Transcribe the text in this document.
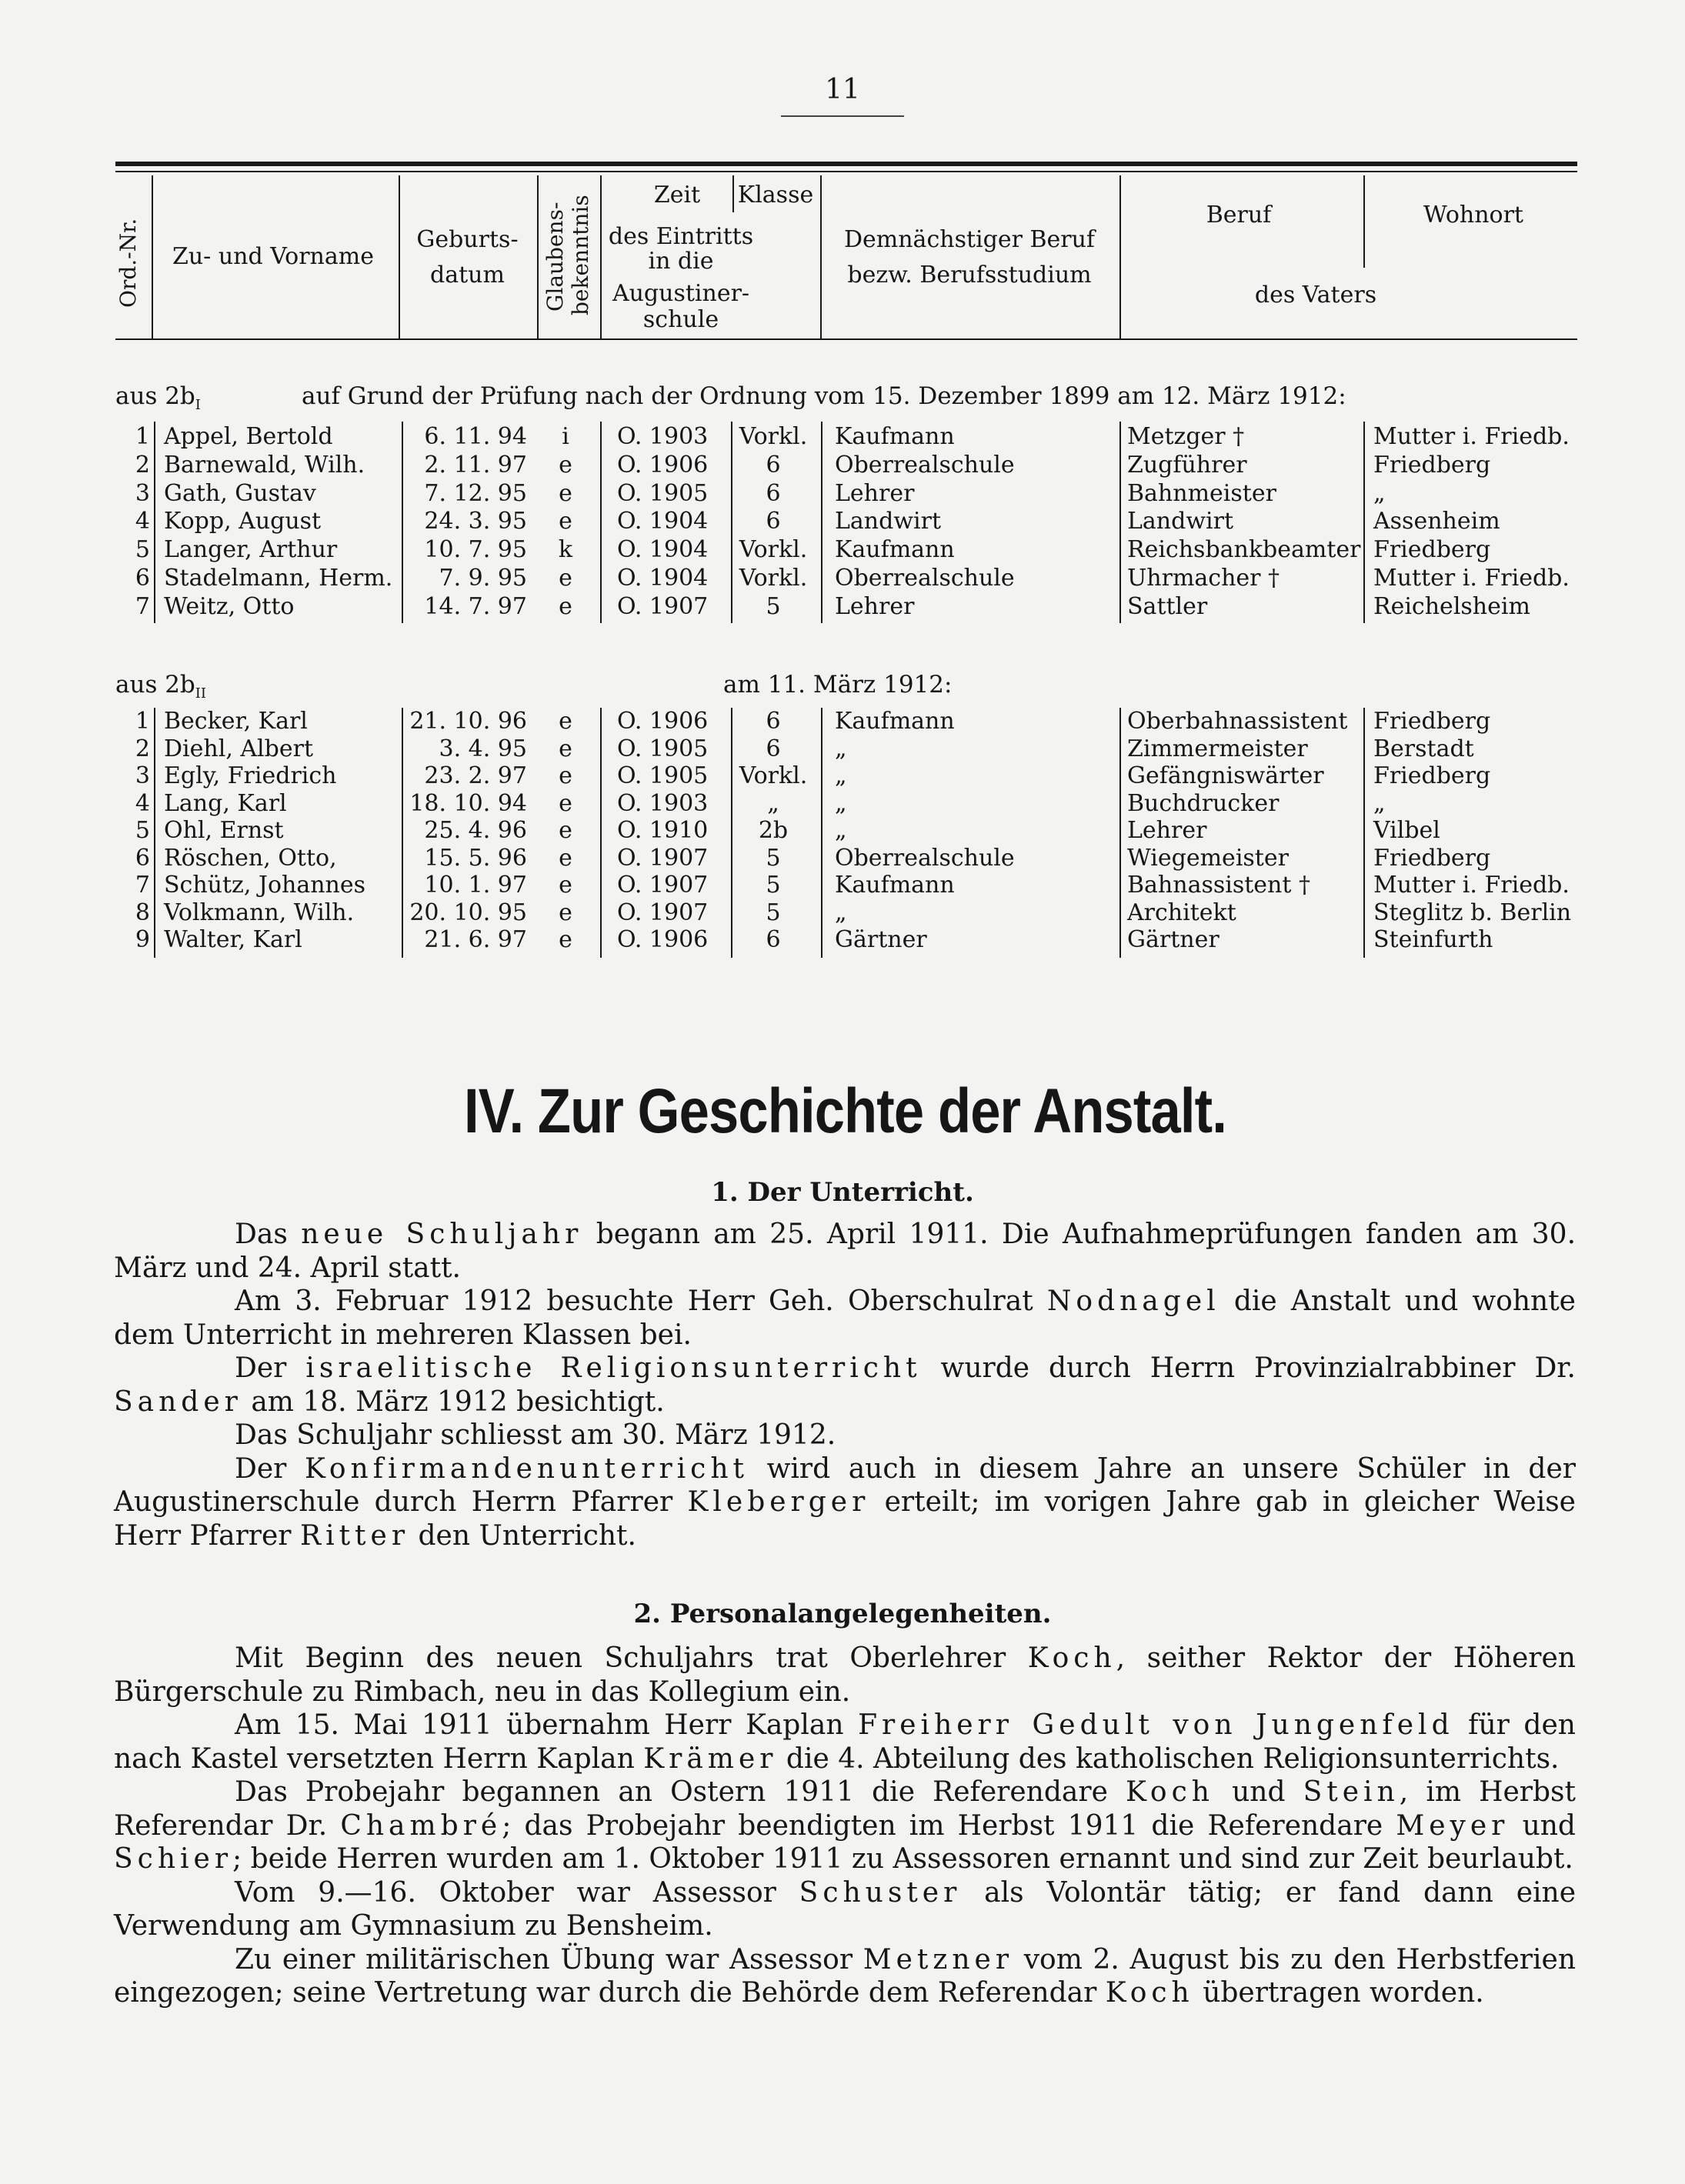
11
Ord.-Nr.	Zu- und Vorname
Geburts-
datum	Glaubens- bekenntnis	Zeit
des Eintritts
in die
Augustiner-
schule
Klasse
Demnächstiger Beruf
bezw. Berufsstudium
Beruf	Wohnort
des Vaters
aus $2b_I$	auf Grund der Prüfung nach der Ordnung vom 15. Dezember 1899 am 12. März 1912:
1 Appel, Bertold	6. 11. 94	i	O. 1903	Vorkl.	Kaufmann	Metzger †	Mutter i. Friedb.
2 Barnewald, Wilh.	2. 11. 97 e O. 1906	6	Oberrealschule	Zugführer	Friedberg
3 Gath, Gustav	7. 12. 95 e O. 1905	6	Lehrer	Bahnmeister	„
4 Kopp, August	24. 3. 95 e O. 1904	6	Landwirt	Landwirt	Assenheim
5 Langer, Arthur	10. 7. 95 k O. 1904	Vorkl.	Kaufmann	Reichsbankbeamter Friedberg
6 Stadelmann, Herm.	7. 9. 95 e O. 1904	Vorkl.	Oberrealschule	Uhrmacher †	Mutter i. Friedb.
7 Weitz, Otto	14. 7. 97 e O. 1907	5	Lehrer	Sattler	Reichelsheim
aus $2b_{II}$	am 11. März 1912:
1 Becker, Karl	21. 10. 96 e O. 1906	6	Kaufmann	Oberbahnassistent Friedberg
2 Diehl, Albert	3. 4. 95 e O. 1905	6	„	Zimmermeister	Berstadt
3 Egly, Friedrich	23. 2. 97 e O. 1905	Vorkl.	„	Gefängniswärter Friedberg
4 Lang, Karl	18. 10. 94 e O. 1903	„	„	Buchdrucker	„
5 Ohl, Ernst	25. 4. 96 e O. 1910	2b	„	Lehrer	Vilbel
6 Röschen, Otto,	15. 5. 96 e O. 1907	5	Oberrealschule	Wiegemeister	Friedberg
7 Schütz, Johannes	10. 1. 97 e O. 1907	5	Kaufmann	Bahnassistent †	Mutter i. Friedb.
8 Volkmann, Wilh. 20. 10. 95 e O. 1907	5	„	Architekt	Steglitz b. Berlin
9 Walter, Karl	21. 6. 97 e O. 1906	6	Gärtner	Gärtner	Steinfurth
IV. Zur Geschichte der Anstalt.
1. Der Unterricht.

Das neue Schuljahr begann am 25. April 1911. Die Aufnahmeprüfungen fanden am 30. März und 24. April statt.

Am 3. Februar 1912 besuchte Herr Geh. Oberschulrat Nodnagel die Anstalt und wohnte dem Unterricht in mehreren Klassen bei.

Der israelitische Religionsunterricht wurde durch Herrn Provinzialrabbiner Dr. Sander am 18. März 1912 besichtigt.

Das Schuljahr schliesst am 30. März 1912.

Der Konfirmandenunterricht wird auch in diesem Jahre an unsere Schüler in der Augustinerschule durch Herrn Pfarrer Kleberger erteilt; im vorigen Jahre gab in gleicher Weise Herr Pfarrer Ritter den Unterricht.

2. Personalangelegenheiten.

Mit Beginn des neuen Schuljahrs trat Oberlehrer Koch, seither Rektor der Höheren Bürgerschule zu Rimbach, neu in das Kollegium ein.

Am 15. Mai 1911 übernahm Herr Kaplan Freiherr Gedult von Jungenfeld für den nach Kastel versetzten Herrn Kaplan Krämer die 4. Abteilung des katholischen Religionsunterrichts.

Das Probejahr begannen an Ostern 1911 die Referendare Koch und Stein, im Herbst Referendar Dr. Chambré; das Probejahr beendigten im Herbst 1911 die Referendare Meyer und Schier; beide Herren wurden am 1. Oktober 1911 zu Assessoren ernannt und sind zur Zeit beurlaubt.

Vom 9.—16. Oktober war Assessor Schuster als Volontär tätig; er fand dann eine Verwendung am Gymnasium zu Bensheim.

Zu einer militärischen Übung war Assessor Metzner vom 2. August bis zu den Herbstferien eingezogen; seine Vertretung war durch die Behörde dem Referendar Koch übertragen worden.
